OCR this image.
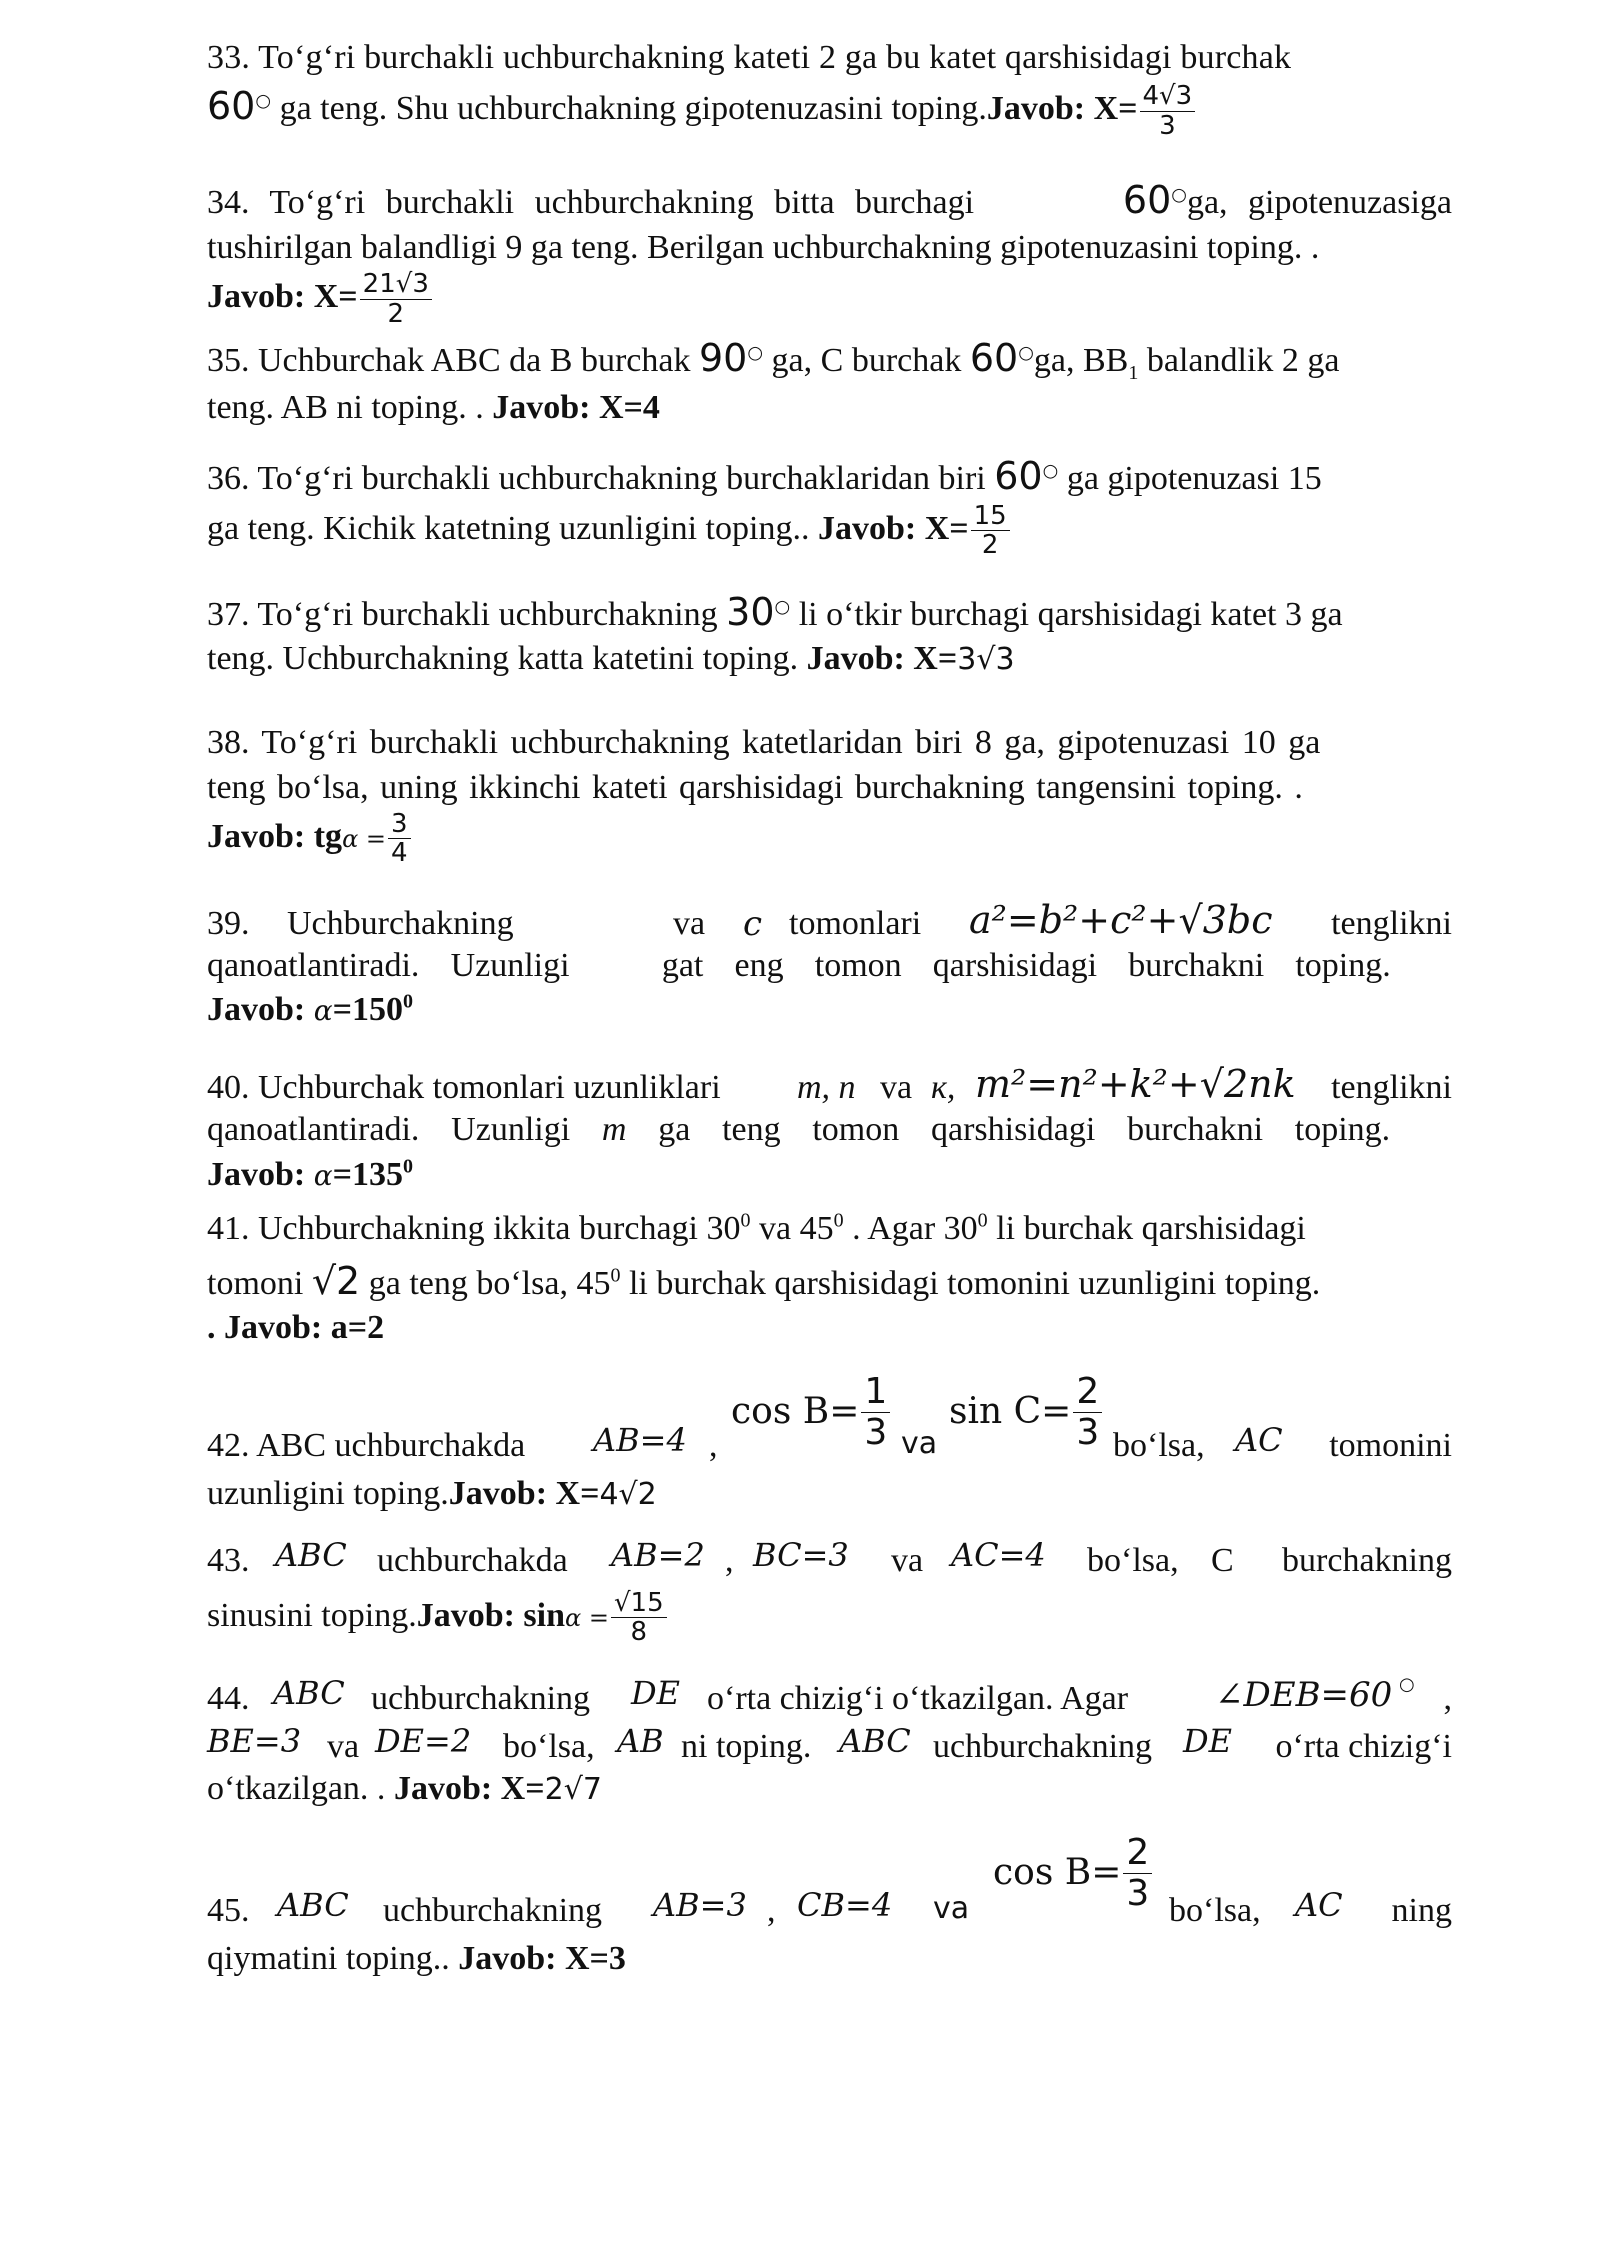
33. To‘g‘ri burchakli uchburchakning kateti 2 ga bu katet qarshisidagi burchak
60○ ga teng. Shu uchburchakning gipotenuzasini toping.Javob: $X= \frac{4√3}{3}$
34. To‘g‘ri burchakli uchburchakning bitta burchagi	60○ga, gipotenuzasiga
tushirilgan balandligi 9 ga teng. Berilgan uchburchakning gipotenuzasini toping. .
Javob: $X= \frac{21√3}{2}$
35. Uchburchak ABC da B burchak 90○ ga, C burchak 60○ga, $BB_1$ balandlik 2 ga
teng. AB ni toping. . Javob: X=4
36. To‘g‘ri burchakli uchburchakning burchaklaridan biri 60○ ga gipotenuzasi 15
ga teng. Kichik katetning uzunligini toping.. Javob: $X= \frac{15}{2}$
37. To‘g‘ri burchakli uchburchakning 30○ li o‘tkir burchagi qarshisidagi katet 3 ga
teng. Uchburchakning katta katetini toping. Javob: X=3√3
38. To‘g‘ri burchakli uchburchakning katetlaridan biri 8 ga, gipotenuzasi 10 ga
teng bo‘lsa, uning ikkinchi kateti qarshisidagi burchakning tangensini toping. .
Javob: $tg\alpha = \frac{3}{4}$
39. Uchburchakning	va c tomonlari a²=b²+c²+√3bc tenglikni
qanoatlantiradi. Uzunligi	gat eng tomon qarshisidagi burchakni toping.
Javob: $\alpha=150^0$
40. Uchburchak tomonlari uzunliklari m, n va к, m²=n²+k²+√2nk tenglikni
qanoatlantiradi. Uzunligi m ga teng tomon qarshisidagi burchakni toping.
Javob: $\alpha=135^0$
41. Uchburchakning ikkita burchagi $30^0$ va $45^0$ . Agar $30^0$ li burchak qarshisidagi
tomoni √2 ga teng bo‘lsa, $45^0$ li burchak qarshisidagi tomonini uzunligini toping.
. Javob: a=2
42. ABC uchburchakda AB=4 ,
$\cos B= \frac{1}{3}$ va
$\sin C= \frac{2}{3}$ bo‘lsa, AC tomonini
uzunligini toping.Javob: X=4√2
43. ABC uchburchakda AB=2 , BC=3 va AC=4 bo‘lsa, C burchakning
sinusini toping.Javob: $\sin\alpha = \frac{√15}{8}$
44. ABC uchburchakning DE o‘rta chizig‘i o‘tkazilgan. Agar	∠DEB=60 ○ ,
BE=3 va DE=2 bo‘lsa, AB ni toping. ABC uchburchakning DE o‘rta chizig‘i
o‘tkazilgan. . Javob: X=2√7
45. ABC uchburchakning AB=3 , CB=4 va
$\cos B= \frac{2}{3}$ bo‘lsa, AC ning
qiymatini toping.. Javob: X=3
